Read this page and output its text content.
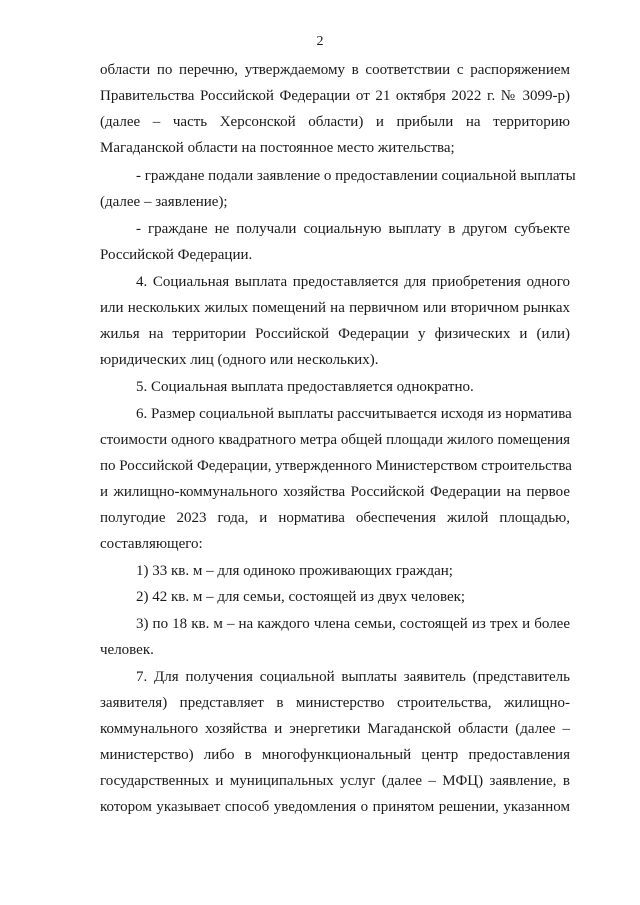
2
области по перечню, утверждаемому в соответствии с распоряжением
Правительства Российской Федерации от 21 октября 2022 г. № 3099-р)
(далее – часть Херсонской области) и прибыли на территорию
Магаданской области на постоянное место жительства;
- граждане подали заявление о предоставлении социальной выплаты
(далее – заявление);
- граждане не получали социальную выплату в другом субъекте
Российской Федерации.
4. Социальная выплата предоставляется для приобретения одного
или нескольких жилых помещений на первичном или вторичном рынках
жилья на территории Российской Федерации у физических и (или)
юридических лиц (одного или нескольких).
5. Социальная выплата предоставляется однократно.
6. Размер социальной выплаты рассчитывается исходя из норматива
стоимости одного квадратного метра общей площади жилого помещения
по Российской Федерации, утвержденного Министерством строительства
и жилищно-коммунального хозяйства Российской Федерации на первое
полугодие 2023 года, и норматива обеспечения жилой площадью,
составляющего:
1) 33 кв. м – для одиноко проживающих граждан;
2) 42 кв. м – для семьи, состоящей из двух человек;
3) по 18 кв. м – на каждого члена семьи, состоящей из трех и более
человек.
7. Для получения социальной выплаты заявитель (представитель
заявителя) представляет в министерство строительства, жилищно-
коммунального хозяйства и энергетики Магаданской области (далее –
министерство) либо в многофункциональный центр предоставления
государственных и муниципальных услуг (далее – МФЦ) заявление, в
котором указывает способ уведомления о принятом решении, указанном
